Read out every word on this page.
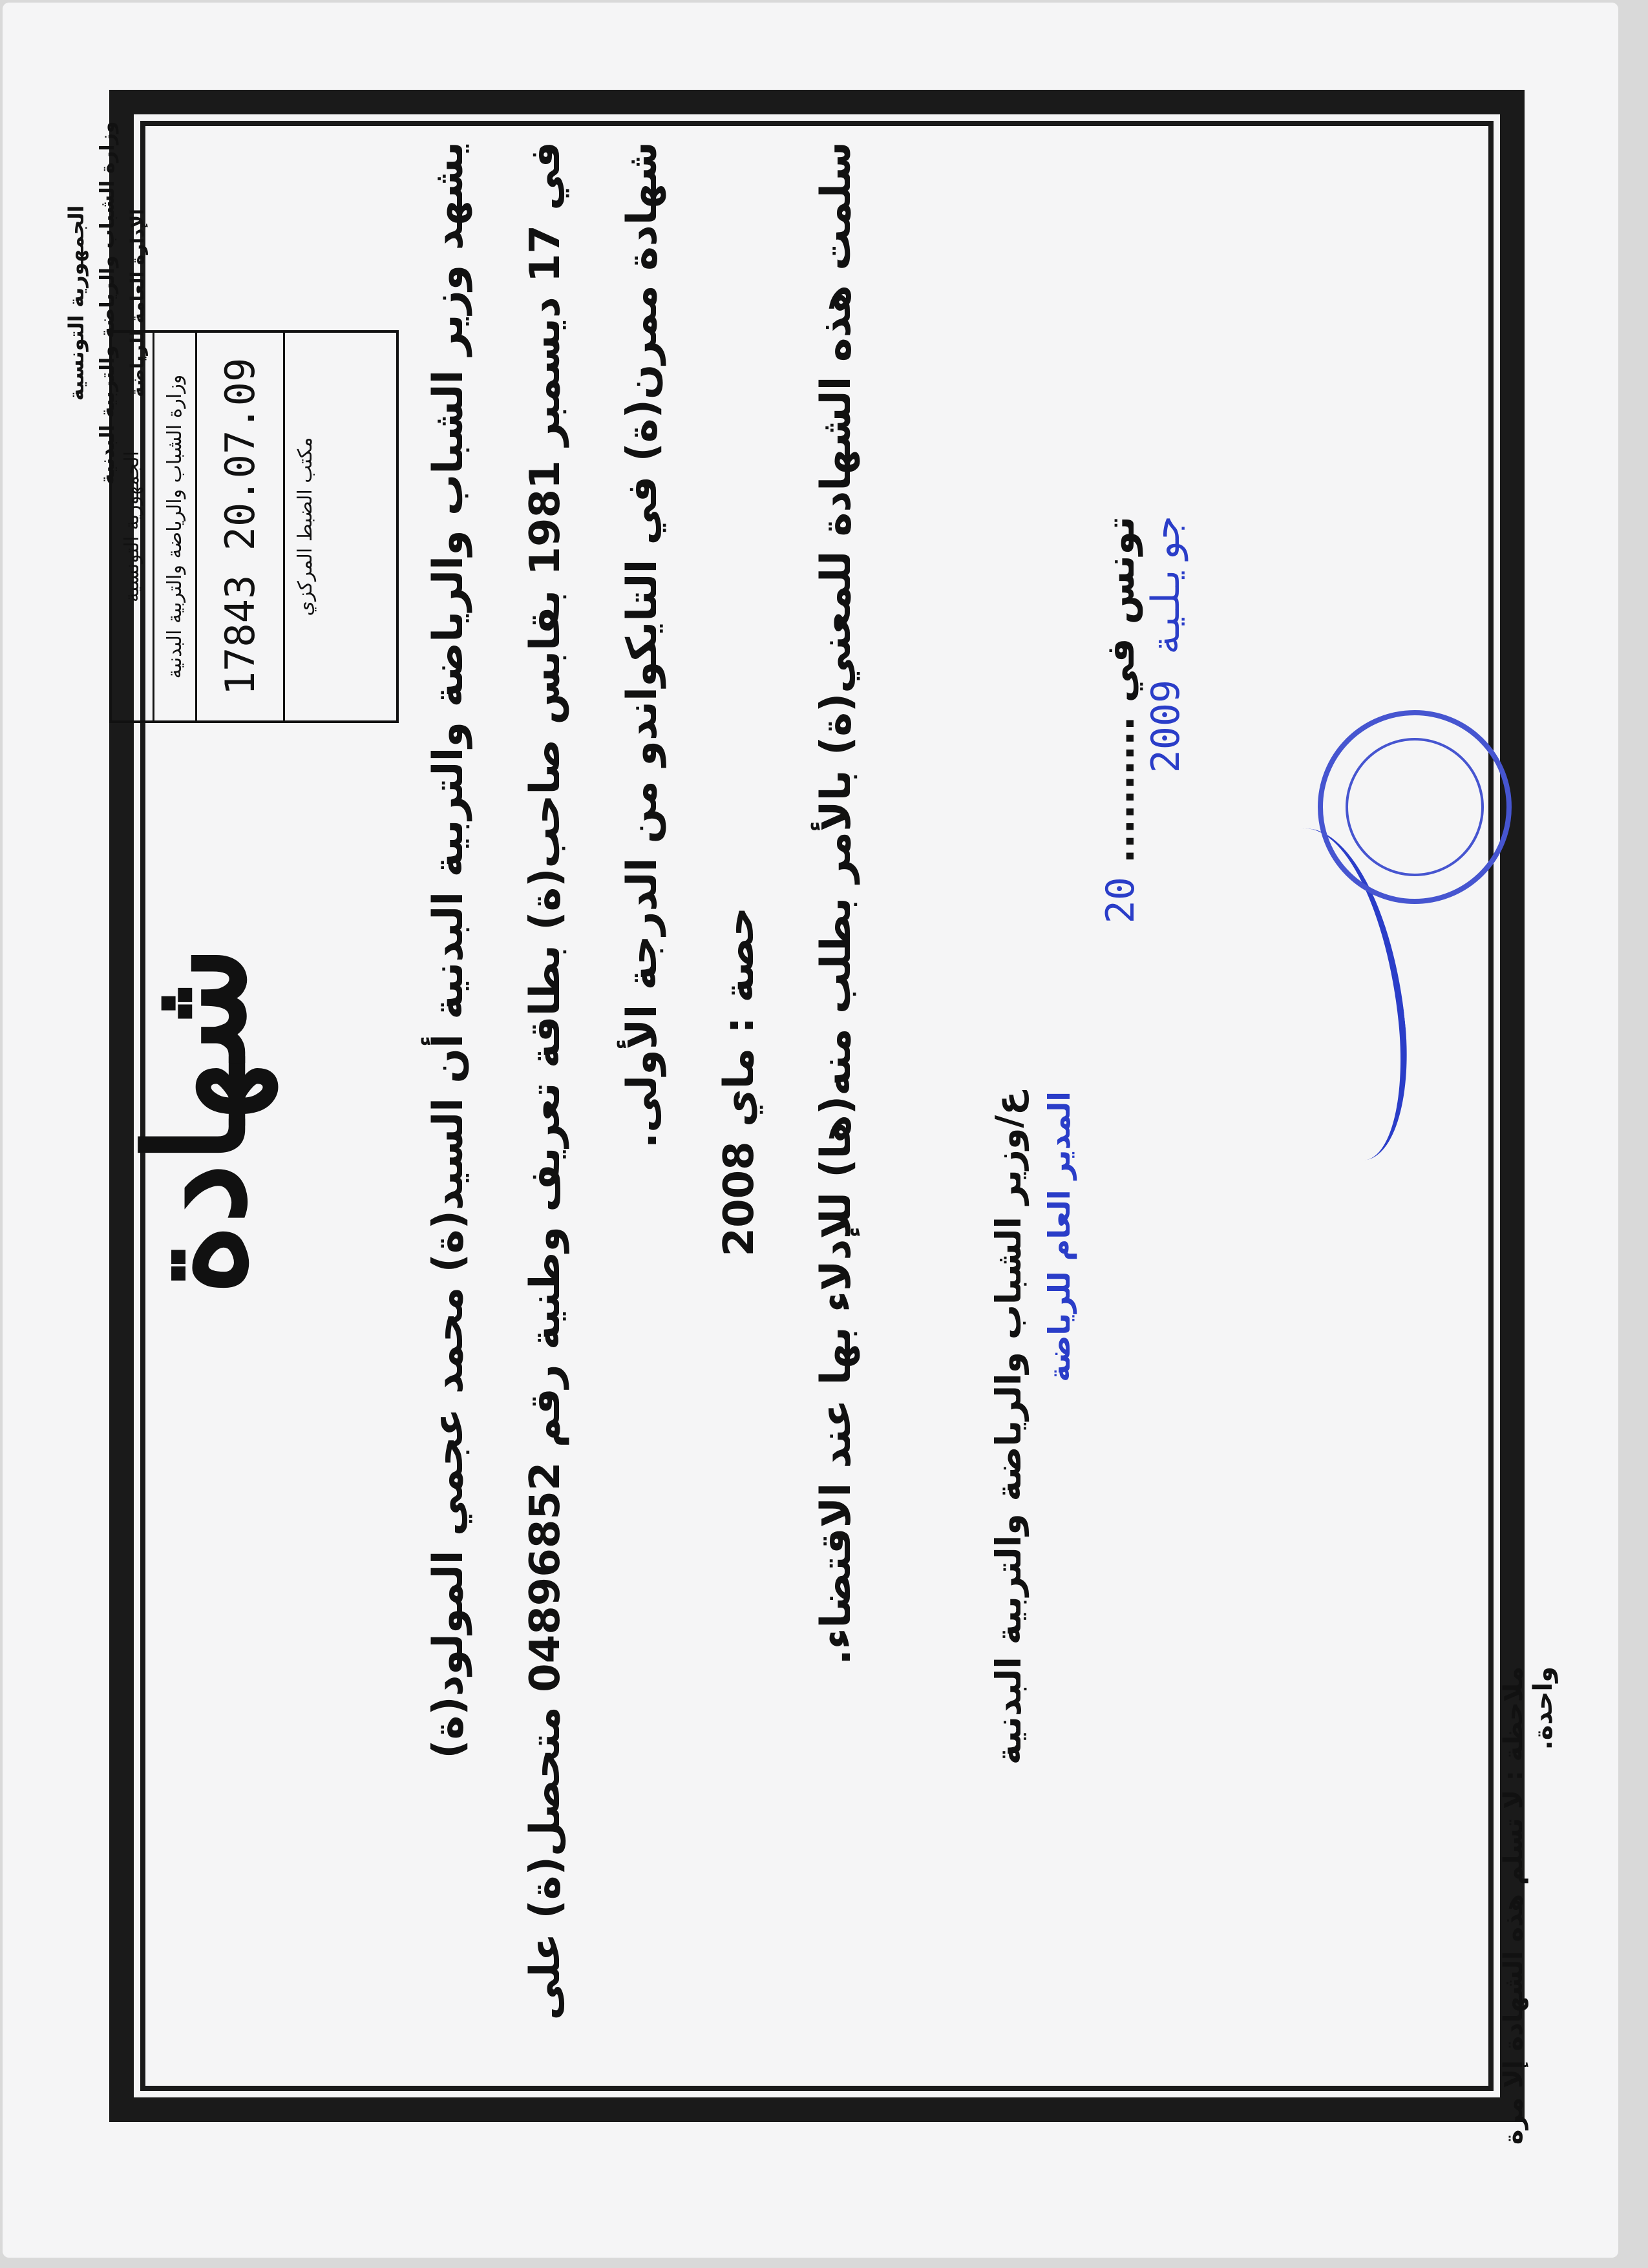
الجمهورية التونسية وزارة الشباب والرياضة والتربية البدنية الإدارة العامة للرياضة
شهادة
الجمهورية التونسية	وزارة الشباب والرياضة والتربية البدنية 17843 20.07.09	مكتب الضبط المركزي	يشهد وزير الشباب والرياضة والتربية البدنية أن السيد(ة) محمد عجمي المولود(ة)

في 17 ديسمبر 1981 بقابس صاحب(ة) بطاقة تعريف وطنية رقم 04896852 متحصل(ة) على	شهادة ممرن(ة) في التايكواندو من الدرجة الأولى.

حصة : ماي 2008	سلمت هذه الشهادة للمعني(ة) بالأمر بطلب منه(ها) للإدلاء بها عند الاقتضاء.	تونس في .......... 20 جويلية 2009
ع/وزير الشباب والرياضة والتربية البدنية المدير العام للرياضة
ملاحظة : لا تسلم هذه الشهادة إلا مرة واحدة.
